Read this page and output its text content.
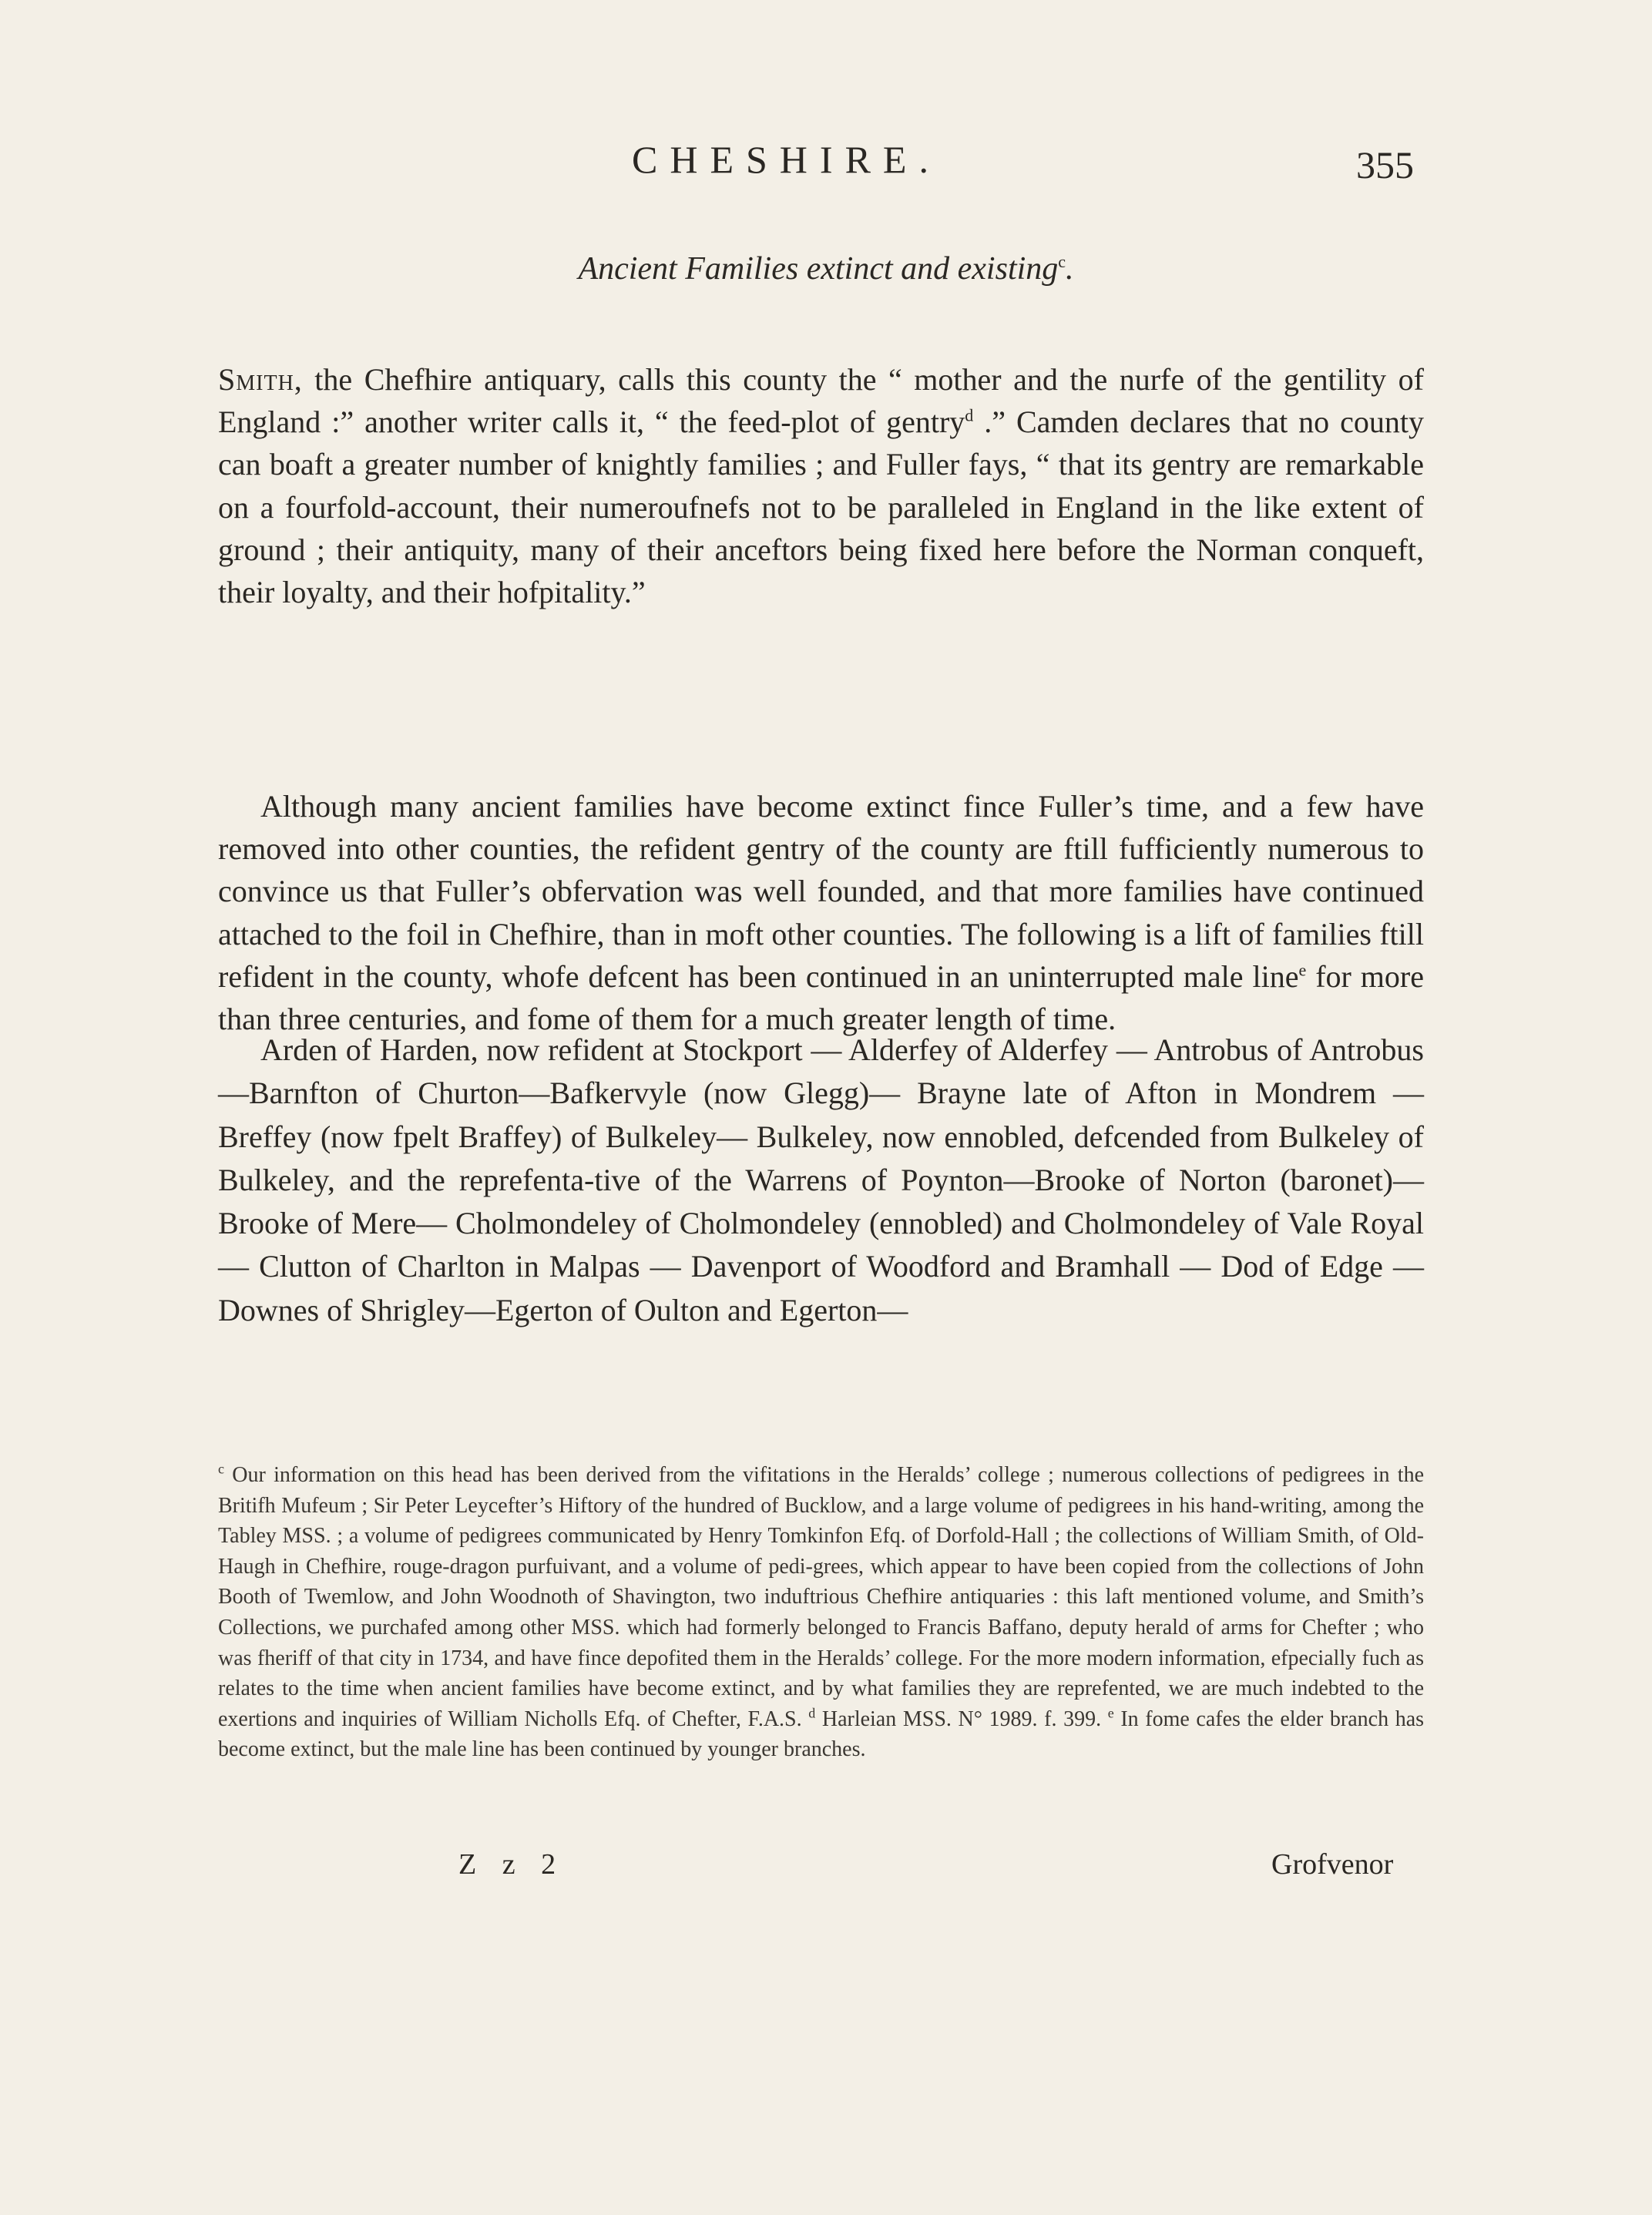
CHESHIRE.	355
Ancient Families extinct and existing$^c$.

Smith, the Chefhire antiquary, calls this county the “ mother and the nurfe of the gentility of England :” another writer calls it, “ the feed-plot of gentry$^d$ .” Camden declares that no county can boaft a greater number of knightly families ; and Fuller fays, “ that its gentry are remarkable on a fourfold-account, their numeroufnefs not to be paralleled in England in the like extent of ground ; their antiquity, many of their anceftors being fixed here before the Norman conqueft, their loyalty, and their hofpitality.”

Although many ancient families have become extinct fince Fuller’s time, and a few have removed into other counties, the refident gentry of the county are ftill fufficiently numerous to convince us that Fuller’s obfervation was well founded, and that more families have continued attached to the foil in Chefhire, than in moft other counties. The following is a lift of families ftill refident in the county, whofe defcent has been continued in an uninterrupted male line$^e$ for more than three centuries, and fome of them for a much greater length of time.

Arden of Harden, now refident at Stockport — Alderfey of Alderfey — Antrobus of Antrobus —Barnfton of Churton—Bafkervyle (now Glegg)— Brayne late of Afton in Mondrem — Breffey (now fpelt Braffey) of Bulkeley— Bulkeley, now ennobled, defcended from Bulkeley of Bulkeley, and the reprefenta-tive of the Warrens of Poynton—Brooke of Norton (baronet)—Brooke of Mere— Cholmondeley of Cholmondeley (ennobled) and Cholmondeley of Vale Royal— Clutton of Charlton in Malpas — Davenport of Woodford and Bramhall — Dod of Edge —Downes of Shrigley—Egerton of Oulton and Egerton—

$^c$ Our information on this head has been derived from the vifitations in the Heralds’ college ; numerous collections of pedigrees in the Britifh Mufeum ; Sir Peter Leycefter’s Hiftory of the hundred of Bucklow, and a large volume of pedigrees in his hand-writing, among the Tabley MSS. ; a volume of pedigrees communicated by Henry Tomkinfon Efq. of Dorfold-Hall ; the collections of William Smith, of Old-Haugh in Chefhire, rouge-dragon purfuivant, and a volume of pedi-grees, which appear to have been copied from the collections of John Booth of Twemlow, and John Woodnoth of Shavington, two induftrious Chefhire antiquaries : this laft mentioned volume, and Smith’s Collections, we purchafed among other MSS. which had formerly belonged to Francis Baffano, deputy herald of arms for Chefter ; who was fheriff of that city in 1734, and have fince depofited them in the Heralds’ college. For the more modern information, efpecially fuch as relates to the time when ancient families have become extinct, and by what families they are reprefented, we are much indebted to the exertions and inquiries of William Nicholls Efq. of Chefter, F.A.S. $^d$ Harleian MSS. N° 1989. f. 399. $^e$ In fome cafes the elder branch has become extinct, but the male line has been continued by younger branches.

Z z 2	Grofvenor
